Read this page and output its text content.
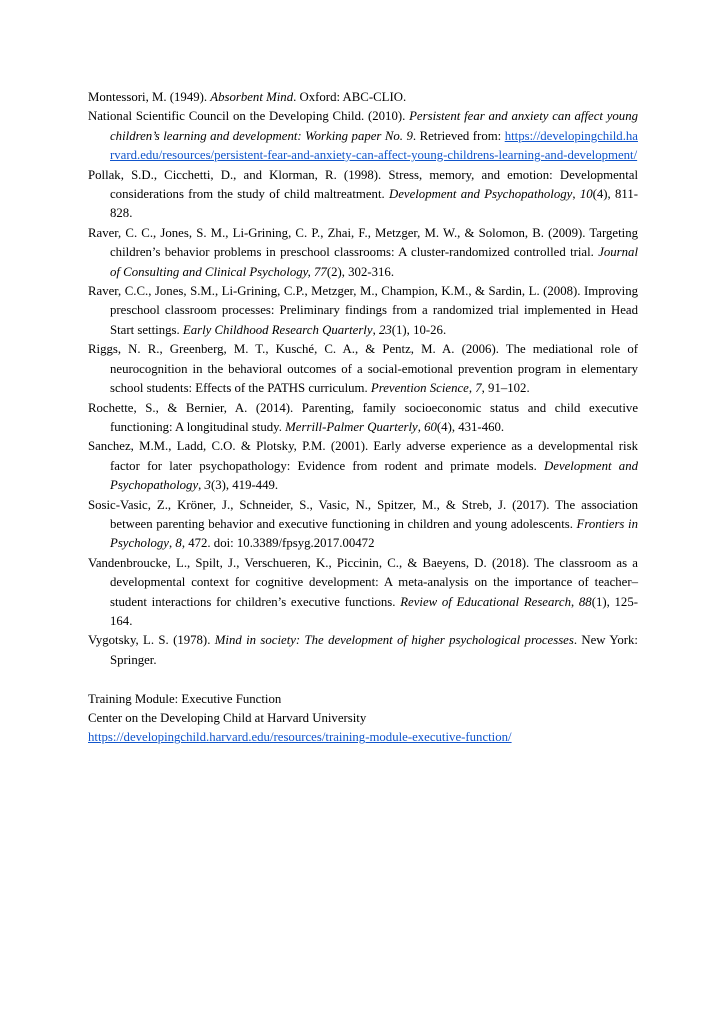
Montessori, M. (1949). Absorbent Mind. Oxford: ABC-CLIO.

National Scientific Council on the Developing Child. (2010). Persistent fear and anxiety can affect young children’s learning and development: Working paper No. 9. Retrieved from: https://developingchild.harvard.edu/resources/persistent-fear-and-anxiety-can-affect-young-childrens-learning-and-development/

Pollak, S.D., Cicchetti, D., and Klorman, R. (1998). Stress, memory, and emotion: Developmental considerations from the study of child maltreatment. Development and Psychopathology, 10(4), 811-828.

Raver, C. C., Jones, S. M., Li-Grining, C. P., Zhai, F., Metzger, M. W., & Solomon, B. (2009). Targeting children’s behavior problems in preschool classrooms: A cluster-randomized controlled trial. Journal of Consulting and Clinical Psychology, 77(2), 302-316.

Raver, C.C., Jones, S.M., Li-Grining, C.P., Metzger, M., Champion, K.M., & Sardin, L. (2008). Improving preschool classroom processes: Preliminary findings from a randomized trial implemented in Head Start settings. Early Childhood Research Quarterly, 23(1), 10-26.

Riggs, N. R., Greenberg, M. T., Kusché, C. A., & Pentz, M. A. (2006). The mediational role of neurocognition in the behavioral outcomes of a social-emotional prevention program in elementary school students: Effects of the PATHS curriculum. Prevention Science, 7, 91–102.

Rochette, S., & Bernier, A. (2014). Parenting, family socioeconomic status and child executive functioning: A longitudinal study. Merrill-Palmer Quarterly, 60(4), 431-460.

Sanchez, M.M., Ladd, C.O. & Plotsky, P.M. (2001). Early adverse experience as a developmental risk factor for later psychopathology: Evidence from rodent and primate models. Development and Psychopathology, 3(3), 419-449.

Sosic-Vasic, Z., Kröner, J., Schneider, S., Vasic, N., Spitzer, M., & Streb, J. (2017). The association between parenting behavior and executive functioning in children and young adolescents. Frontiers in Psychology, 8, 472. doi: 10.3389/fpsyg.2017.00472

Vandenbroucke, L., Spilt, J., Verschueren, K., Piccinin, C., & Baeyens, D. (2018). The classroom as a developmental context for cognitive development: A meta-analysis on the importance of teacher–student interactions for children’s executive functions. Review of Educational Research, 88(1), 125-164.

Vygotsky, L. S. (1978). Mind in society: The development of higher psychological processes. New York: Springer.

Training Module: Executive Function
Center on the Developing Child at Harvard University
https://developingchild.harvard.edu/resources/training-module-executive-function/
